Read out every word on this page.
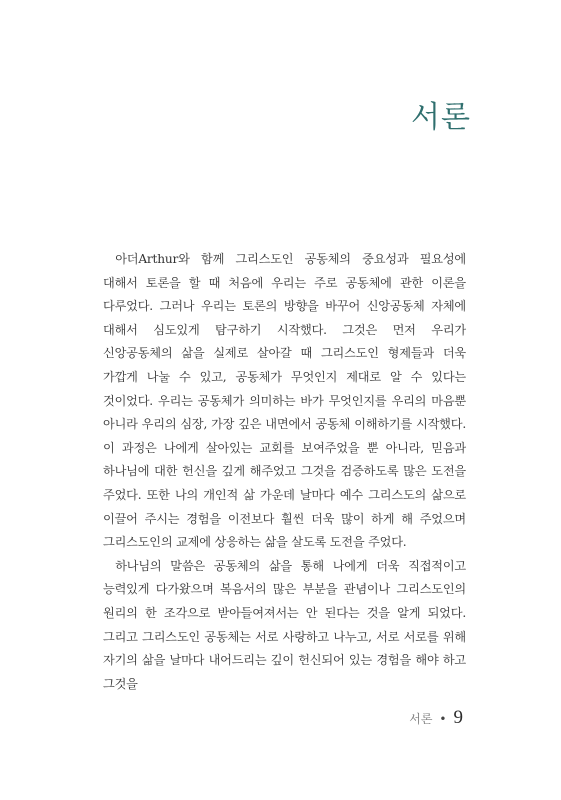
서론

아더Arthur와 함께 그리스도인 공동체의 중요성과 필요성에 대해서 토론을 할 때 처음에 우리는 주로 공동체에 관한 이론을 다루었다. 그러나 우리는 토론의 방향을 바꾸어 신앙공동체 자체에 대해서 심도있게 탐구하기 시작했다. 그것은 먼저 우리가 신앙공동체의 삶을 실제로 살아갈 때 그리스도인 형제들과 더욱 가깝게 나눌 수 있고, 공동체가 무엇인지 제대로 알 수 있다는 것이었다. 우리는 공동체가 의미하는 바가 무엇인지를 우리의 마음뿐 아니라 우리의 심장, 가장 깊은 내면에서 공동체 이해하기를 시작했다. 이 과정은 나에게 살아있는 교회를 보여주었을 뿐 아니라, 믿음과 하나님에 대한 헌신을 깊게 해주었고 그것을 검증하도록 많은 도전을 주었다. 또한 나의 개인적 삶 가운데 날마다 예수 그리스도의 삶으로 이끌어 주시는 경험을 이전보다 훨씬 더욱 많이 하게 해 주었으며 그리스도인의 교제에 상응하는 삶을 살도록 도전을 주었다.

하나님의 말씀은 공동체의 삶을 통해 나에게 더욱 직접적이고 능력있게 다가왔으며 복음서의 많은 부분을 관념이나 그리스도인의 원리의 한 조각으로 받아들여져서는 안 된다는 것을 알게 되었다. 그리고 그리스도인 공동체는 서로 사랑하고 나누고, 서로 서로를 위해 자기의 삶을 날마다 내어드리는 깊이 헌신되어 있는 경험을 해야 하고 그것을

서론 • 9
